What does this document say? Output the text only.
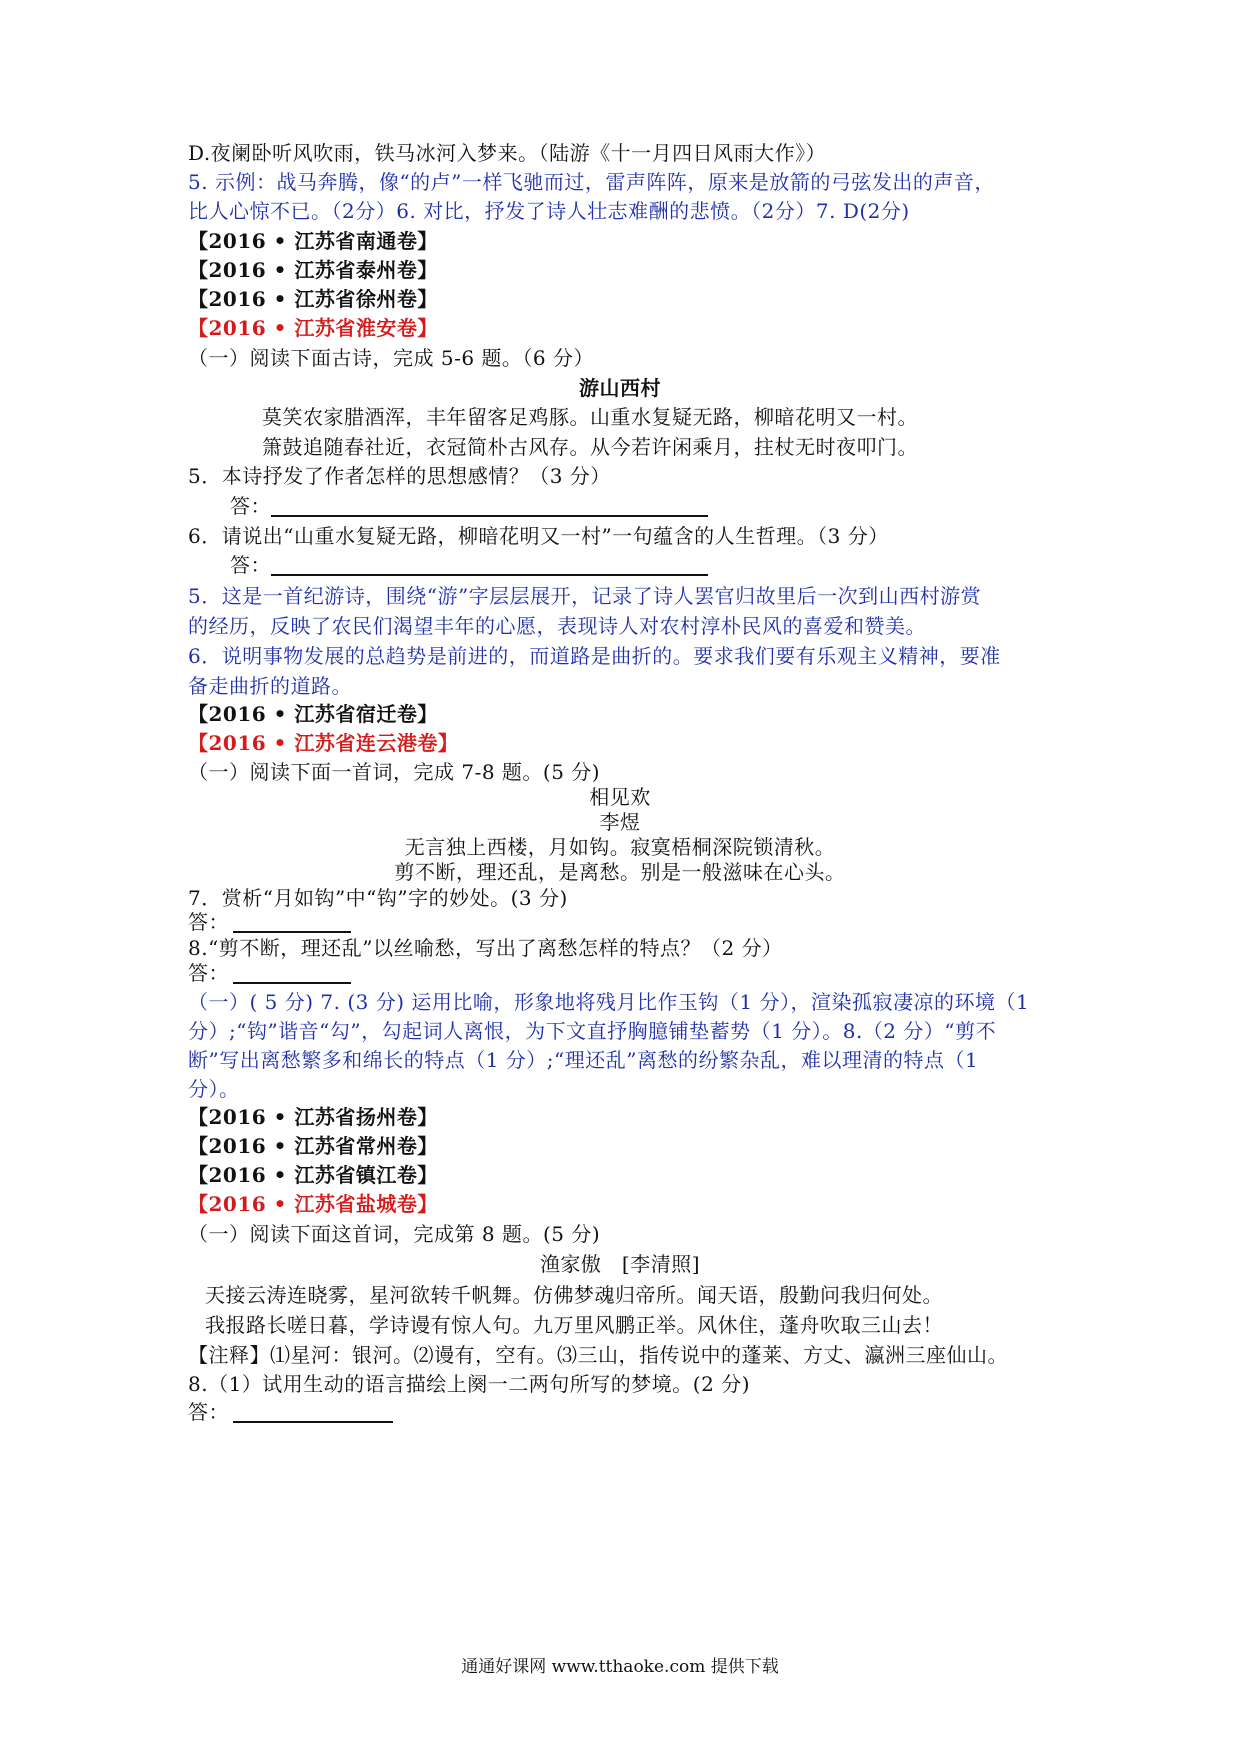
D.夜阑卧听风吹雨，铁马冰河入梦来。（陆游《十一月四日风雨大作》）
5. 示例：战马奔腾，像“的卢”一样飞驰而过，雷声阵阵，原来是放箭的弓弦发出的声音，
比人心惊不已。（2分）6. 对比，抒发了诗人壮志难酬的悲愤。（2分）7. D(2分)
【2016 • 江苏省南通卷】
【2016 • 江苏省泰州卷】
【2016 • 江苏省徐州卷】
【2016 • 江苏省淮安卷】
（一）阅读下面古诗，完成 5-6 题。（6 分）
游山西村
莫笑农家腊酒浑，丰年留客足鸡豚。山重水复疑无路，柳暗花明又一村。
箫鼓追随春社近，衣冠简朴古风存。从今若许闲乘月，拄杖无时夜叩门。
5．本诗抒发了作者怎样的思想感情？（3 分）
答：
6．请说出“山重水复疑无路，柳暗花明又一村”一句蕴含的人生哲理。（3 分）
答：
5．这是一首纪游诗，围绕“游”字层层展开，记录了诗人罢官归故里后一次到山西村游赏
的经历，反映了农民们渴望丰年的心愿，表现诗人对农村淳朴民风的喜爱和赞美。
6．说明事物发展的总趋势是前进的，而道路是曲折的。要求我们要有乐观主义精神，要准
备走曲折的道路。
【2016 • 江苏省宿迁卷】
【2016 • 江苏省连云港卷】
（一）阅读下面一首词，完成 7-8 题。(5 分)
相见欢
李煜
无言独上西楼，月如钩。寂寞梧桐深院锁清秋。
剪不断，理还乱，是离愁。别是一般滋味在心头。
7．赏析“月如钩”中“钩”字的妙处。(3 分)
答：
8.“剪不断，理还乱”以丝喻愁，写出了离愁怎样的特点？（2 分）
答：
（一）( 5 分) 7. (3 分) 运用比喻，形象地将残月比作玉钩（1 分），渲染孤寂凄凉的环境（1
分）;“钩”谐音“勾”，勾起词人离恨，为下文直抒胸臆铺垫蓄势（1 分）。8.（2 分）“剪不
断”写出离愁繁多和绵长的特点（1 分）;“理还乱”离愁的纷繁杂乱，难以理清的特点（1
分）。
【2016 • 江苏省扬州卷】
【2016 • 江苏省常州卷】
【2016 • 江苏省镇江卷】
【2016 • 江苏省盐城卷】
（一）阅读下面这首词，完成第 8 题。(5 分)
渔家傲　[李清照]
天接云涛连晓雾，星河欲转千帆舞。仿佛梦魂归帝所。闻天语，殷勤问我归何处。
我报路长嗟日暮，学诗谩有惊人句。九万里风鹏正举。风休住，蓬舟吹取三山去！
【注释】⑴星河：银河。⑵谩有，空有。⑶三山，指传说中的蓬莱、方丈、瀛洲三座仙山。
8.（1）试用生动的语言描绘上阕一二两句所写的梦境。(2 分)
答：
通通好课网 www.tthaoke.com 提供下载
